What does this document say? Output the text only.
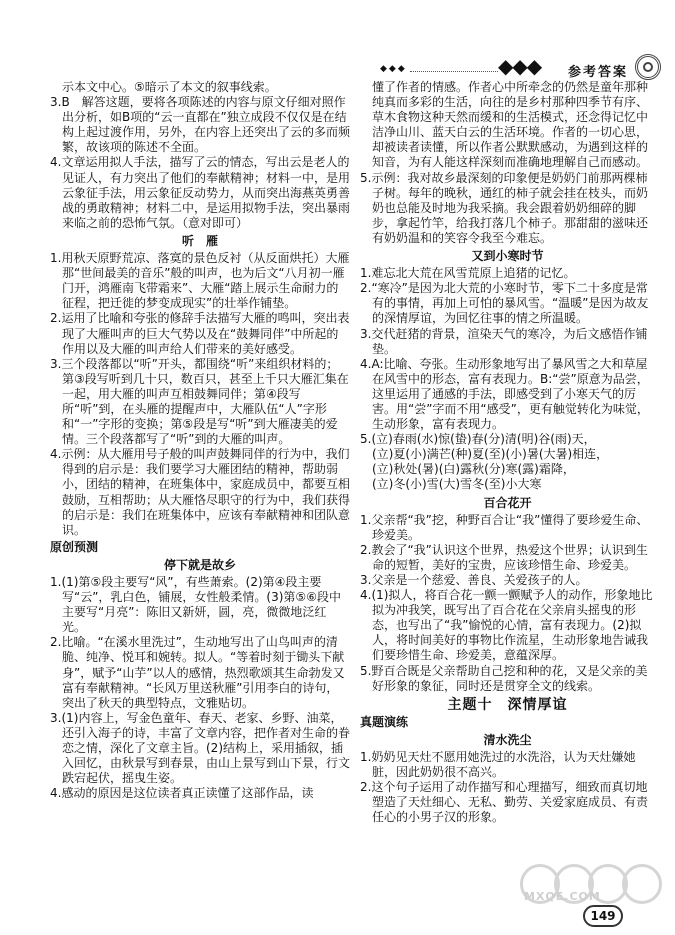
◆◆◆	◆◆◆ 参考答案

示本文中心。⑤暗示了本文的叙事线索。

3.B　解答这题，要将各项陈述的内容与原文仔细对照作出分析，如B项的“云一直都在”独立成段不仅仅是在结构上起过渡作用，另外，在内容上还突出了云的多而频繁，故该项的陈述不全面。

4.文章运用拟人手法，描写了云的情态，写出云是老人的见证人，有力突出了他们的奉献精神；材料一中，是用云象征手法，用云象征反动势力，从而突出海燕英勇善战的勇敢精神；材料二中，是运用拟物手法，突出暴雨来临之前的恐怖气氛。（意对即可）

听　雁

1.用秋天原野荒凉、落寞的景色反衬（从反面烘托）大雁那“世间最美的音乐”般的叫声，也为后文“八月初一雁门开，鸿雁南飞带霜来”、大雁“踏上展示生命耐力的征程，把迁徙的梦变成现实”的壮举作铺垫。

2.运用了比喻和夸张的修辞手法描写大雁的鸣叫，突出表现了大雁叫声的巨大气势以及在“鼓舞同伴”中所起的作用以及大雁的叫声给人们带来的美好感受。

3.三个段落都以“听”开头，都围绕“听”来组织材料的；第③段写听到几十只，数百只，甚至上千只大雁汇集在一起，用大雁的叫声互相鼓舞同伴；第④段写所“听”到，在头雁的提醒声中，大雁队伍“人”字形和“一”字形的变换；第⑤段是写“听”到大雁凄美的爱情。三个段落都写了“听”到的大雁的叫声。

4.示例：从大雁用号子般的叫声鼓舞同伴的行为中，我们得到的启示是：我们要学习大雁团结的精神，帮助弱小，团结的精神，在班集体中，家庭成员中，都要互相鼓励，互相帮助；从大雁恪尽职守的行为中，我们获得的启示是：我们在班集体中，应该有奉献精神和团队意识。

原创预测
停下就是故乡

1.(1)第⑤段主要写“风”，有些萧索。(2)第④段主要写“云”，乳白色，铺展，女性般柔情。(3)第⑤⑥段中主要写“月亮”：陈旧又新妍，圆，亮，微微地泛红光。

2.比喻。“在溪水里洗过”，生动地写出了山鸟叫声的清脆、纯净、悦耳和婉转。拟人。“等着时刻于锄头下献身”，赋予“山芋”以人的感情，热烈歌颂其生命勃发又富有奉献精神。“长风万里送秋雁”引用李白的诗句，突出了秋天的典型特点，文雅贴切。

3.(1)内容上，写金色童年、春天、老家、乡野、油菜，还引入海子的诗，丰富了文章内容，把作者对生命的眷恋之情，深化了文章主旨。(2)结构上，采用插叙，插入回忆，由秋景写到春景，由山上景写到山下景，行文跌宕起伏，摇曳生姿。

4.感动的原因是这位读者真正读懂了这部作品，读

懂了作者的情感。作者心中所牵念的仍然是童年那种纯真而多彩的生活，向往的是乡村那种四季节有序、草木食物这种天然而缓和的生活模式，还念得记忆中洁净山川、蓝天白云的生活环境。作者的一切心思，却被读者读懂，所以作者公默默感动，为遇到这样的知音，为有人能这样深刻而准确地理解自己而感动。

5.示例：我对故乡最深刻的印象便是奶奶门前那两棵柿子树。每年的晚秋，通红的柿子就会挂在枝头，而奶奶也总能及时地为我采摘。我会跟着奶奶细碎的脚步，拿起竹竿，给我打落几个柿子。那甜甜的滋味还有奶奶温和的笑容令我至今难忘。

又到小寒时节

1.难忘北大荒在风雪荒原上追猪的记忆。

2.“寒冷”是因为北大荒的小寒时节，零下二十多度是常有的事情，再加上可怕的暴风雪。“温暖”是因为故友的深情厚谊，为回忆往事的情之所温暖。

3.交代赶猪的背景，渲染天气的寒冷，为后文感悟作铺垫。

4.A:比喻、夸张。生动形象地写出了暴风雪之大和草屋在风雪中的形态，富有表现力。B:“尝”原意为品尝，这里运用了通感的手法，即感受到了小寒天气的厉害。用“尝”字而不用“感受”，更有触觉转化为味觉，生动形象，富有表现力。

5.(立)春雨(水)惊(蛰)春(分)清(明)谷(雨)天，

(立)夏(小)满芒(种)夏(至)(小)暑(大暑)相连，

(立)秋处(暑)(白)露秋(分)寒(露)霜降，

(立)冬(小)雪(大)雪冬(至)小大寒

百合花开

1.父亲帮“我”挖，种野百合让“我”懂得了要珍爱生命、珍爱美。

2.教会了“我”认识这个世界，热爱这个世界；认识到生命的短暂，美好的宝贵，应该珍惜生命、珍爱美。

3.父亲是一个慈爱、善良、关爱孩子的人。

4.(1)拟人，将百合花一颤一颤赋予人的动作，形象地比拟为冲我笑，既写出了百合花在父亲肩头摇曳的形态，也写出了“我”愉悦的心情，富有表现力。(2)拟人，将时间美好的事物比作流星，生动形象地告诫我们要珍惜生命、珍爱美，意蕴深厚。

5.野百合既是父亲帮助自己挖和种的花，又是父亲的美好形象的象征，同时还是贯穿全文的线索。

主题十　深情厚谊
真题演练
清水洗尘

1.奶奶见天灶不愿用她洗过的水洗浴，认为天灶嫌她脏，因此奶奶很不高兴。

2.这个句子运用了动作描写和心理描写，细致而真切地塑造了天灶细心、无私、勤劳、关爱家庭成员、有责任心的小男子汉的形象。

MXQE.COM
149
